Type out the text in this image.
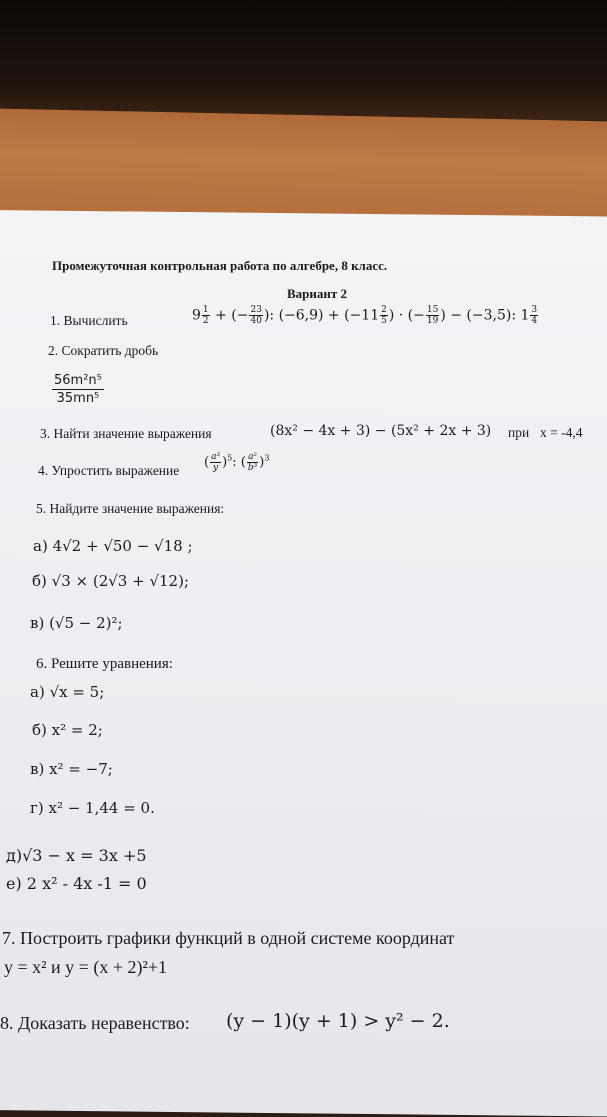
Промежуточная контрольная работа по алгебре, 8 класс.
Вариант 2
1. Вычислить	$9 \frac{1}{2}$ + (− $\frac{23}{40}$ ): $(-6,9) + (-11 \frac{2}{5}$ ) · (− $\frac{15}{19}$ ) − (−3,5): $1 \frac{3}{4}$
2. Сократить дробь
$\frac{\text{56m²n⁵}}{\text{35mn⁵}}$
3. Найти значение выражения	(8x² − 4x + 3) − (5x² + 2x + 3) при x = -4,4
4. Упростить выражение
( $\frac{\text{a³}}{y} )^5$: ( $\frac{\text{a²}}{\text{b³}} )^3$
5. Найдите значение выражения:
а) 4√2 + √50 − √18 ;
б) √3 × (2√3 + √12);
в) (√5 − 2)²;
6. Решите уравнения:
а) √x = 5;
б) x² = 2;
в) x² = −7;
г) x² − 1,44 = 0.
д)√3 − x = 3x +5
е) 2 x² - 4x -1 = 0
7. Построить графики функций в одной системе координат
y = x² и y = (x + 2)²+1
8. Доказать неравенство: (y − 1)(y + 1) > y² − 2.
